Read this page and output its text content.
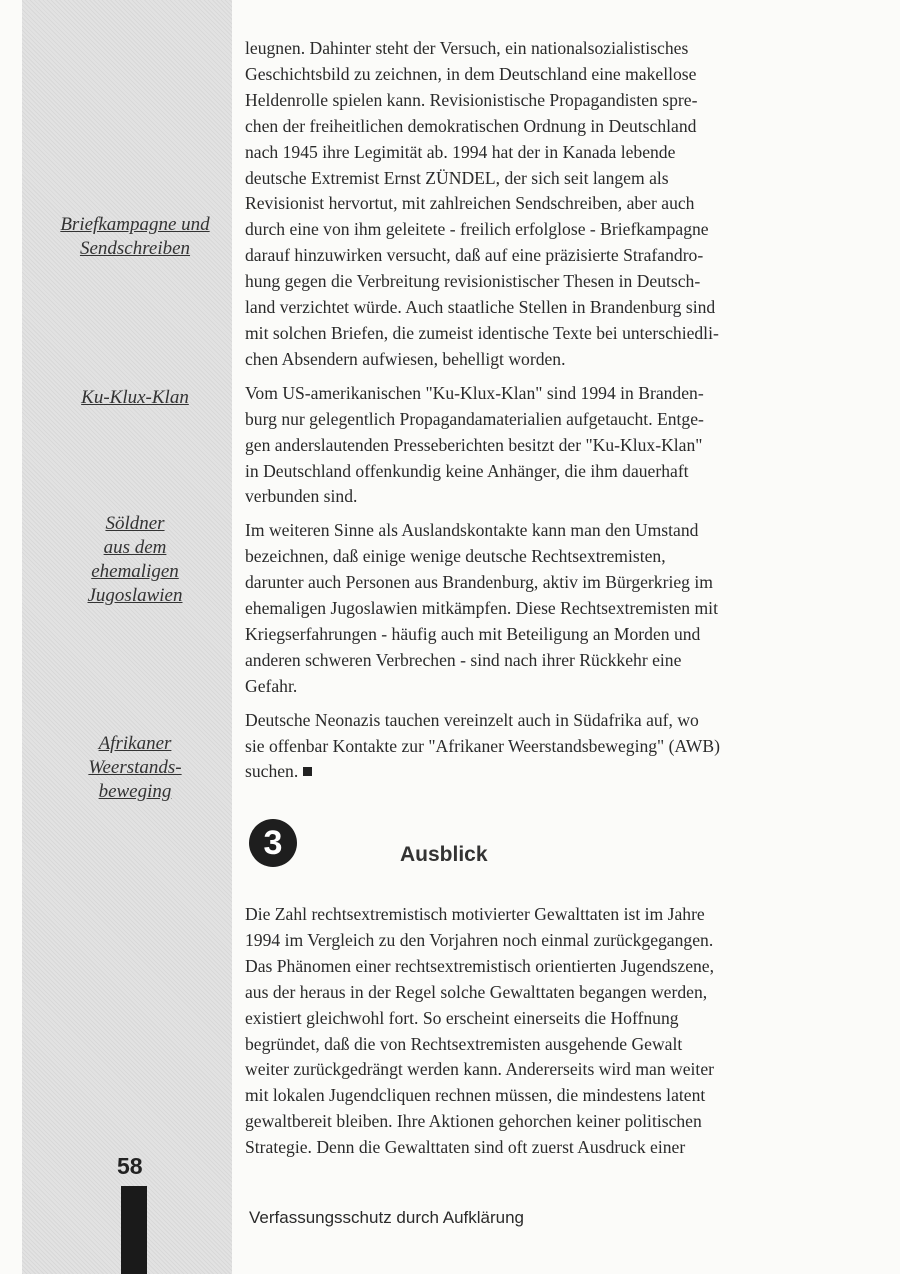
Briefkampagne und
Sendschreiben
Ku-Klux-Klan
Söldner
aus dem
ehemaligen
Jugoslawien
Afrikaner
Weerstands-
beweging

leugnen. Dahinter steht der Versuch, ein nationalsozialistisches
Geschichtsbild zu zeichnen, in dem Deutschland eine makellose
Heldenrolle spielen kann. Revisionistische Propagandisten spre-
chen der freiheitlichen demokratischen Ordnung in Deutschland
nach 1945 ihre Legimität ab. 1994 hat der in Kanada lebende
deutsche Extremist Ernst ZÜNDEL, der sich seit langem als
Revisionist hervortut, mit zahlreichen Sendschreiben, aber auch
durch eine von ihm geleitete - freilich erfolglose - Briefkampagne
darauf hinzuwirken versucht, daß auf eine präzisierte Strafandro-
hung gegen die Verbreitung revisionistischer Thesen in Deutsch-
land verzichtet würde. Auch staatliche Stellen in Brandenburg sind
mit solchen Briefen, die zumeist identische Texte bei unterschiedli-
chen Absendern aufwiesen, behelligt worden.

Vom US-amerikanischen "Ku-Klux-Klan" sind 1994 in Branden-
burg nur gelegentlich Propagandamaterialien aufgetaucht. Entge-
gen anderslautenden Presseberichten besitzt der "Ku-Klux-Klan"
in Deutschland offenkundig keine Anhänger, die ihm dauerhaft
verbunden sind.

Im weiteren Sinne als Auslandskontakte kann man den Umstand
bezeichnen, daß einige wenige deutsche Rechtsextremisten,
darunter auch Personen aus Brandenburg, aktiv im Bürgerkrieg im
ehemaligen Jugoslawien mitkämpfen. Diese Rechtsextremisten mit
Kriegserfahrungen - häufig auch mit Beteiligung an Morden und
anderen schweren Verbrechen - sind nach ihrer Rückkehr eine
Gefahr.

Deutsche Neonazis tauchen vereinzelt auch in Südafrika auf, wo
sie offenbar Kontakte zur "Afrikaner Weerstandsbeweging" (AWB)
suchen.

3	Ausblick

Die Zahl rechtsextremistisch motivierter Gewalttaten ist im Jahre
1994 im Vergleich zu den Vorjahren noch einmal zurückgegangen.
Das Phänomen einer rechtsextremistisch orientierten Jugendszene,
aus der heraus in der Regel solche Gewalttaten begangen werden,
existiert gleichwohl fort. So erscheint einerseits die Hoffnung
begründet, daß die von Rechtsextremisten ausgehende Gewalt
weiter zurückgedrängt werden kann. Andererseits wird man weiter
mit lokalen Jugendcliquen rechnen müssen, die mindestens latent
gewaltbereit bleiben. Ihre Aktionen gehorchen keiner politischen
Strategie. Denn die Gewalttaten sind oft zuerst Ausdruck einer

58
Verfassungsschutz durch Aufklärung
